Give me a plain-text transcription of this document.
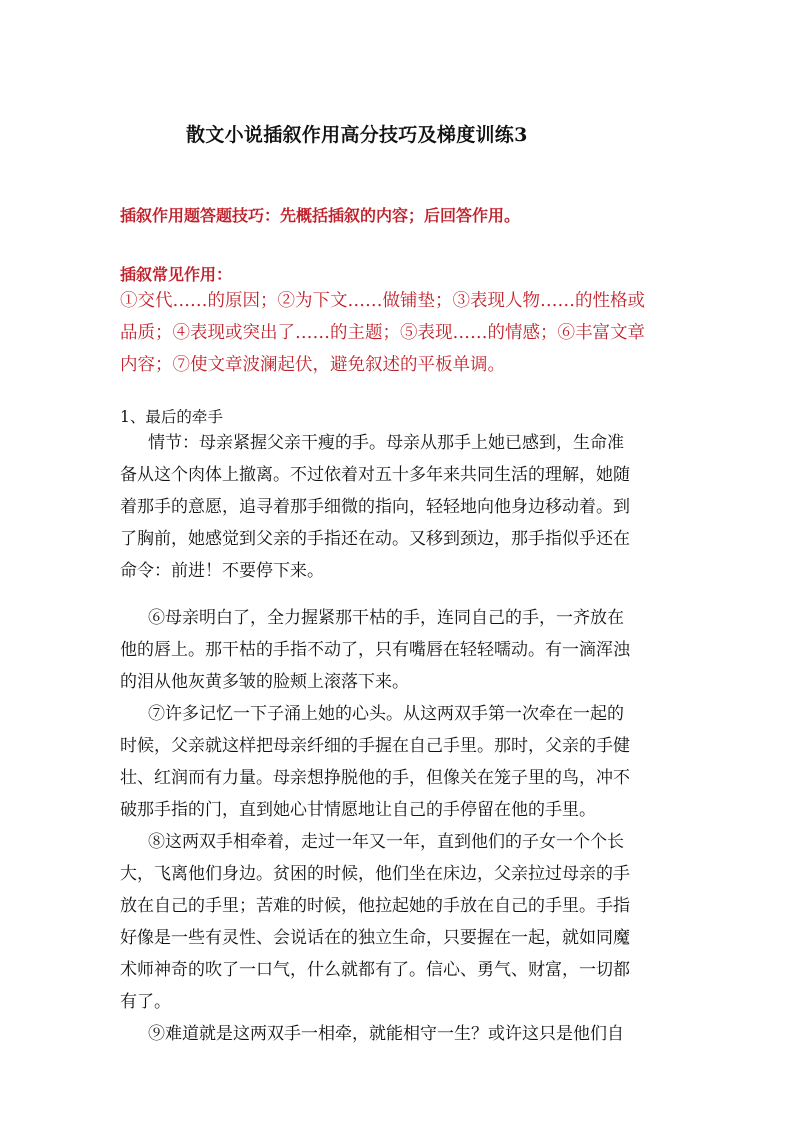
散文小说插叙作用高分技巧及梯度训练3
插叙作用题答题技巧：先概括插叙的内容；后回答作用。
插叙常见作用：
①交代……的原因；②为下文……做铺垫；③表现人物……的性格或
品质；④表现或突出了……的主题；⑤表现……的情感；⑥丰富文章
内容；⑦使文章波澜起伏，避免叙述的平板单调。
1、最后的牵手
情节：母亲紧握父亲干瘦的手。母亲从那手上她已感到，生命准
备从这个肉体上撤离。不过依着对五十多年来共同生活的理解，她随
着那手的意愿，追寻着那手细微的指向，轻轻地向他身边移动着。到
了胸前，她感觉到父亲的手指还在动。又移到颈边，那手指似乎还在
命令：前进！不要停下来。
⑥母亲明白了，全力握紧那干枯的手，连同自己的手，一齐放在
他的唇上。那干枯的手指不动了，只有嘴唇在轻轻嚅动。有一滴浑浊
的泪从他灰黄多皱的脸颊上滚落下来。
⑦许多记忆一下子涌上她的心头。从这两双手第一次牵在一起的
时候，父亲就这样把母亲纤细的手握在自己手里。那时，父亲的手健
壮、红润而有力量。母亲想挣脱他的手，但像关在笼子里的鸟，冲不
破那手指的门，直到她心甘情愿地让自己的手停留在他的手里。
⑧这两双手相牵着，走过一年又一年，直到他们的子女一个个长
大，飞离他们身边。贫困的时候，他们坐在床边，父亲拉过母亲的手
放在自己的手里；苦难的时候，他拉起她的手放在自己的手里。手指
好像是一些有灵性、会说话在的独立生命，只要握在一起，就如同魔
术师神奇的吹了一口气，什么就都有了。信心、勇气、财富，一切都
有了。
⑨难道就是这两双手一相牵，就能相守一生？或许这只是他们自
